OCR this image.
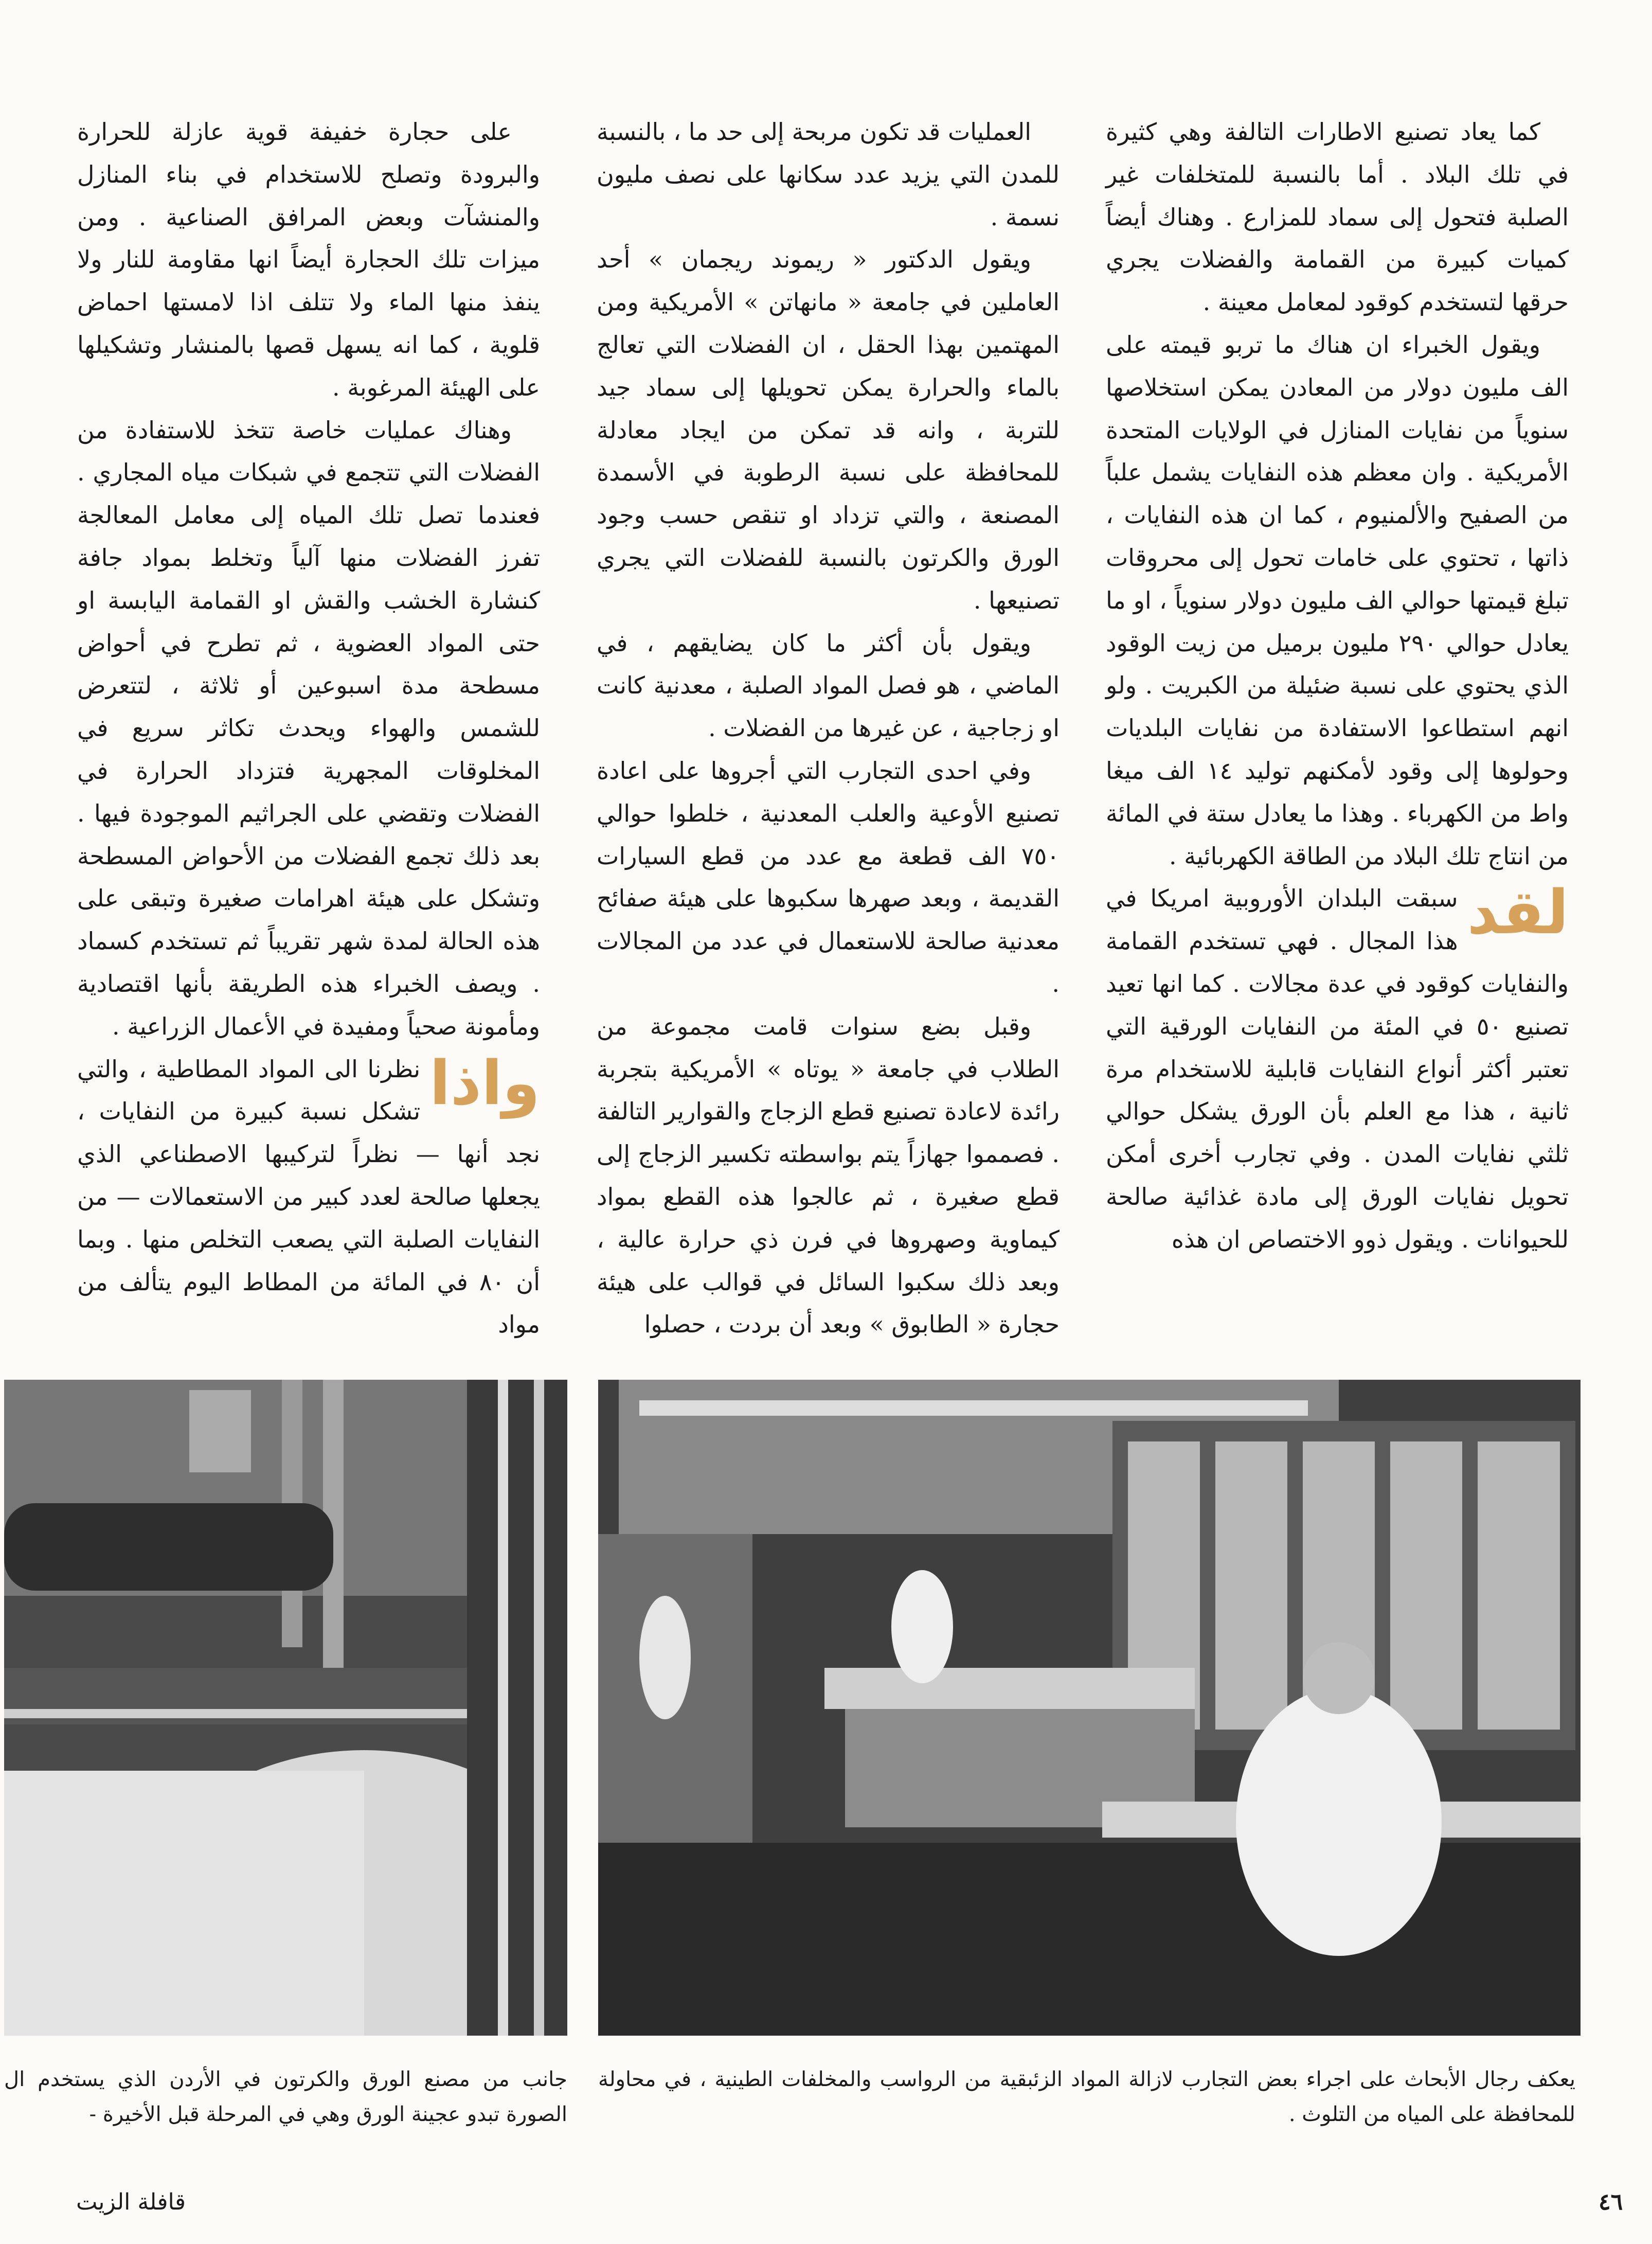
كما يعاد تصنيع الاطارات التالفة وهي كثيرة في تلك البلاد . أما بالنسبة للمتخلفات غير الصلبة فتحول إلى سماد للمزارع . وهناك أيضاً كميات كبيرة من القمامة والفضلات يجري حرقها لتستخدم كوقود لمعامل معينة .

ويقول الخبراء ان هناك ما تربو قيمته على الف مليون دولار من المعادن يمكن استخلاصها سنوياً من نفايات المنازل في الولايات المتحدة الأمريكية . وان معظم هذه النفايات يشمل علباً من الصفيح والألمنيوم ، كما ان هذه النفايات ، ذاتها ، تحتوي على خامات تحول إلى محروقات تبلغ قيمتها حوالي الف مليون دولار سنوياً ، او ما يعادل حوالي ٢٩٠ مليون برميل من زيت الوقود الذي يحتوي على نسبة ضئيلة من الكبريت . ولو انهم استطاعوا الاستفادة من نفايات البلديات وحولوها إلى وقود لأمكنهم توليد ١٤ الف ميغا واط من الكهرباء . وهذا ما يعادل ستة في المائة من انتاج تلك البلاد من الطاقة الكهربائية .

لقد
سبقت البلدان الأوروبية امريكا في هذا المجال . فهي تستخدم القمامة والنفايات كوقود في عدة مجالات . كما انها تعيد تصنيع ٥٠ في المئة من النفايات الورقية التي تعتبر أكثر أنواع النفايات قابلية للاستخدام مرة ثانية ، هذا مع العلم بأن الورق يشكل حوالي ثلثي نفايات المدن . وفي تجارب أخرى أمكن تحويل نفايات الورق إلى مادة غذائية صالحة للحيوانات . ويقول ذوو الاختصاص ان هذه

العمليات قد تكون مربحة إلى حد ما ، بالنسبة للمدن التي يزيد عدد سكانها على نصف مليون نسمة .

ويقول الدكتور « ريموند ريجمان » أحد العاملين في جامعة « مانهاتن » الأمريكية ومن المهتمين بهذا الحقل ، ان الفضلات التي تعالج بالماء والحرارة يمكن تحويلها إلى سماد جيد للتربة ، وانه قد تمكن من ايجاد معادلة للمحافظة على نسبة الرطوبة في الأسمدة المصنعة ، والتي تزداد او تنقص حسب وجود الورق والكرتون بالنسبة للفضلات التي يجري تصنيعها .

ويقول بأن أكثر ما كان يضايقهم ، في الماضي ، هو فصل المواد الصلبة ، معدنية كانت او زجاجية ، عن غيرها من الفضلات .

وفي احدى التجارب التي أجروها على اعادة تصنيع الأوعية والعلب المعدنية ، خلطوا حوالي ٧٥٠ الف قطعة مع عدد من قطع السيارات القديمة ، وبعد صهرها سكبوها على هيئة صفائح معدنية صالحة للاستعمال في عدد من المجالات .

وقبل بضع سنوات قامت مجموعة من الطلاب في جامعة « يوتاه » الأمريكية بتجربة رائدة لاعادة تصنيع قطع الزجاج والقوارير التالفة . فصمموا جهازاً يتم بواسطته تكسير الزجاج إلى قطع صغيرة ، ثم عالجوا هذه القطع بمواد كيماوية وصهروها في فرن ذي حرارة عالية ، وبعد ذلك سكبوا السائل في قوالب على هيئة حجارة « الطابوق » وبعد أن بردت ، حصلوا

على حجارة خفيفة قوية عازلة للحرارة والبرودة وتصلح للاستخدام في بناء المنازل والمنشآت وبعض المرافق الصناعية . ومن ميزات تلك الحجارة أيضاً انها مقاومة للنار ولا ينفذ منها الماء ولا تتلف اذا لامستها احماض قلوية ، كما انه يسهل قصها بالمنشار وتشكيلها على الهيئة المرغوبة .

وهناك عمليات خاصة تتخذ للاستفادة من الفضلات التي تتجمع في شبكات مياه المجاري . فعندما تصل تلك المياه إلى معامل المعالجة تفرز الفضلات منها آلياً وتخلط بمواد جافة كنشارة الخشب والقش او القمامة اليابسة او حتى المواد العضوية ، ثم تطرح في أحواض مسطحة مدة اسبوعين أو ثلاثة ، لتتعرض للشمس والهواء ويحدث تكاثر سريع في المخلوقات المجهرية فتزداد الحرارة في الفضلات وتقضي على الجراثيم الموجودة فيها . بعد ذلك تجمع الفضلات من الأحواض المسطحة وتشكل على هيئة اهرامات صغيرة وتبقى على هذه الحالة لمدة شهر تقريباً ثم تستخدم كسماد . ويصف الخبراء هذه الطريقة بأنها اقتصادية ومأمونة صحياً ومفيدة في الأعمال الزراعية .

واذا
نظرنا الى المواد المطاطية ، والتي تشكل نسبة كبيرة من النفايات ، نجد أنها — نظراً لتركيبها الاصطناعي الذي يجعلها صالحة لعدد كبير من الاستعمالات — من النفايات الصلبة التي يصعب التخلص منها . وبما أن ٨٠ في المائة من المطاط اليوم يتألف من مواد

يعكف رجال الأبحاث على اجراء بعض التجارب لازالة المواد الزئبقية من الرواسب والمخلفات الطينية ، في محاولة للمحافظة على المياه من التلوث .
جانب من مصنع الورق والكرتون في الأردن الذي يستخدم ال الصورة تبدو عجينة الورق وهي في المرحلة قبل الأخيرة -
٤٦
قافلة الزيت
